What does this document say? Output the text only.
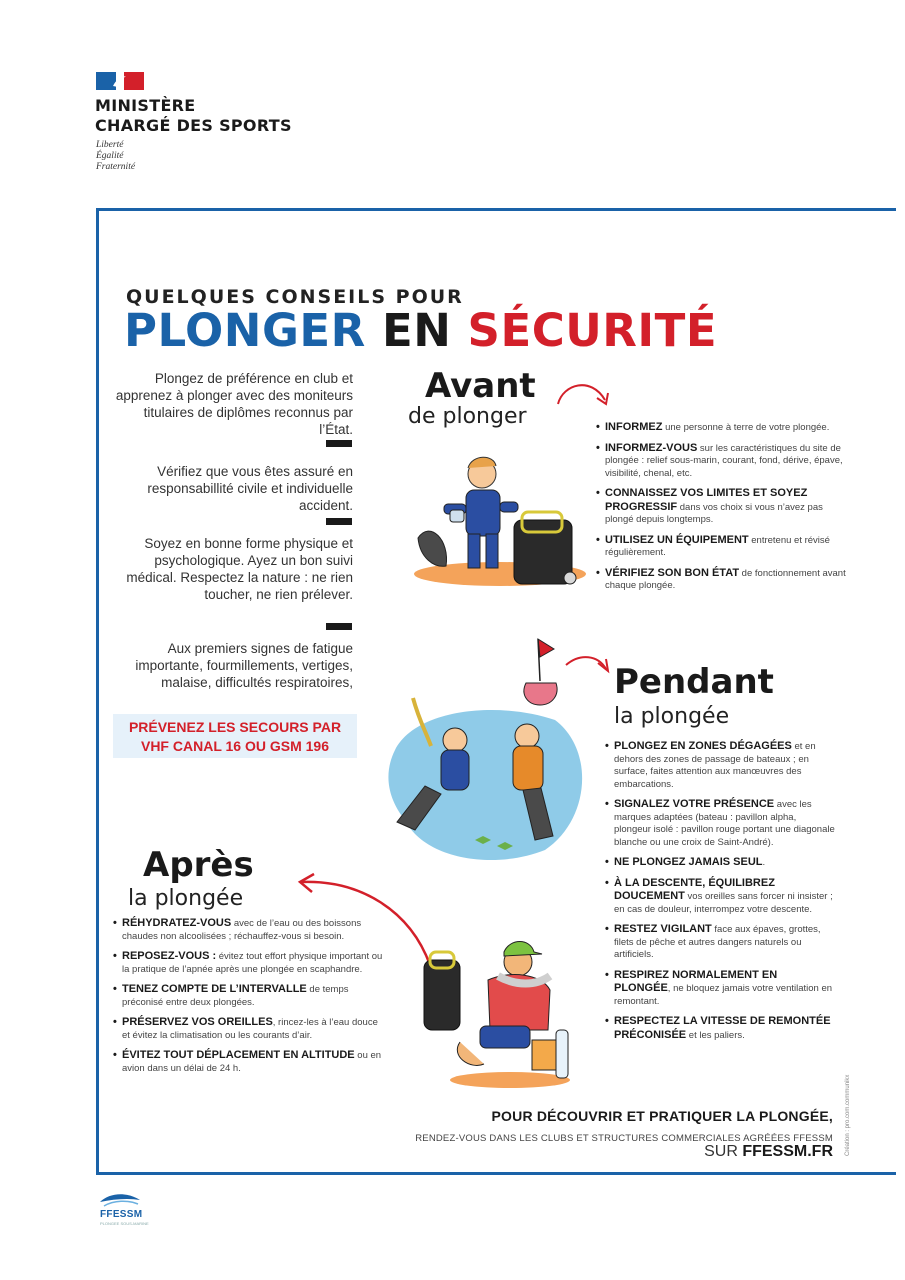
MINISTÈRE
CHARGÉ DES SPORTS
Liberté
Égalité
Fraternité
QUELQUES CONSEILS POUR
PLONGER EN SÉCURITÉ
Plongez de préférence en club et apprenez à plonger avec des moniteurs titulaires de diplômes reconnus par l’État.
Vérifiez que vous êtes assuré en responsabillité civile et individuelle accident.
Soyez en bonne forme physique et psychologique. Ayez un bon suivi médical. Respectez la nature : ne rien toucher, ne rien prélever.
Aux premiers signes de fatigue importante, fourmillements, vertiges, malaise, difficultés respiratoires,
PRÉVENEZ LES SECOURS PAR
VHF CANAL 16 OU GSM 196
Avant
de plonger
•	INFORMEZ une personne à terre de votre plongée.
• INFORMEZ-VOUS sur les caractéristiques du site de plongée : relief sous-marin, courant, fond, dérive, épave, visibilité, chenal, etc.
• CONNAISSEZ VOS LIMITES ET SOYEZ PROGRESSIF dans vos choix si vous n’avez pas plongé depuis longtemps.
• UTILISEZ UN ÉQUIPEMENT entretenu et révisé régulièrement.
• VÉRIFIEZ SON BON ÉTAT de fonctionnement avant chaque plongée.
Pendant
la plongée
• PLONGEZ EN ZONES DÉGAGÉES et en dehors des zones de passage de bateaux ; en surface, faites attention aux manœuvres des embarcations.
• SIGNALEZ VOTRE PRÉSENCE avec les marques adaptées (bateau : pavillon alpha, plongeur isolé : pavillon rouge portant une diagonale blanche ou une croix de Saint-André).
• NE PLONGEZ JAMAIS SEUL.
• À LA DESCENTE, ÉQUILIBREZ DOUCEMENT vos oreilles sans forcer ni insister ; en cas de douleur, interrompez votre descente.
• RESTEZ VIGILANT face aux épaves, grottes, filets de pêche et autres dangers naturels ou artificiels.
• RESPIREZ NORMALEMENT EN PLONGÉE, ne bloquez jamais votre ventilation en remontant.
• RESPECTEZ LA VITESSE DE REMONTÉE PRÉCONISÉE et les paliers.
Après
la plongée
• RÉHYDRATEZ-VOUS avec de l’eau ou des boissons chaudes non alcoolisées ; réchauffez-vous si besoin.
• REPOSEZ-VOUS : évitez tout effort physique important ou la pratique de l’apnée après une plongée en scaphandre.
• TENEZ COMPTE DE L’INTERVALLE de temps préconisé entre deux plongées.
• PRÉSERVEZ VOS OREILLES, rincez-les à l’eau douce et évitez la climatisation ou les courants d’air.
• ÉVITEZ TOUT DÉPLACEMENT EN ALTITUDE ou en avion dans un délai de 24 h.
POUR DÉCOUVRIR ET PRATIQUER LA PLONGÉE,
RENDEZ-VOUS DANS LES CLUBS ET STRUCTURES COMMERCIALES AGRÉÉES FFESSM
SUR FFESSM.FR Création : pro.com.communikx
FFESSM
PLONGEE SOUS-MARINE
